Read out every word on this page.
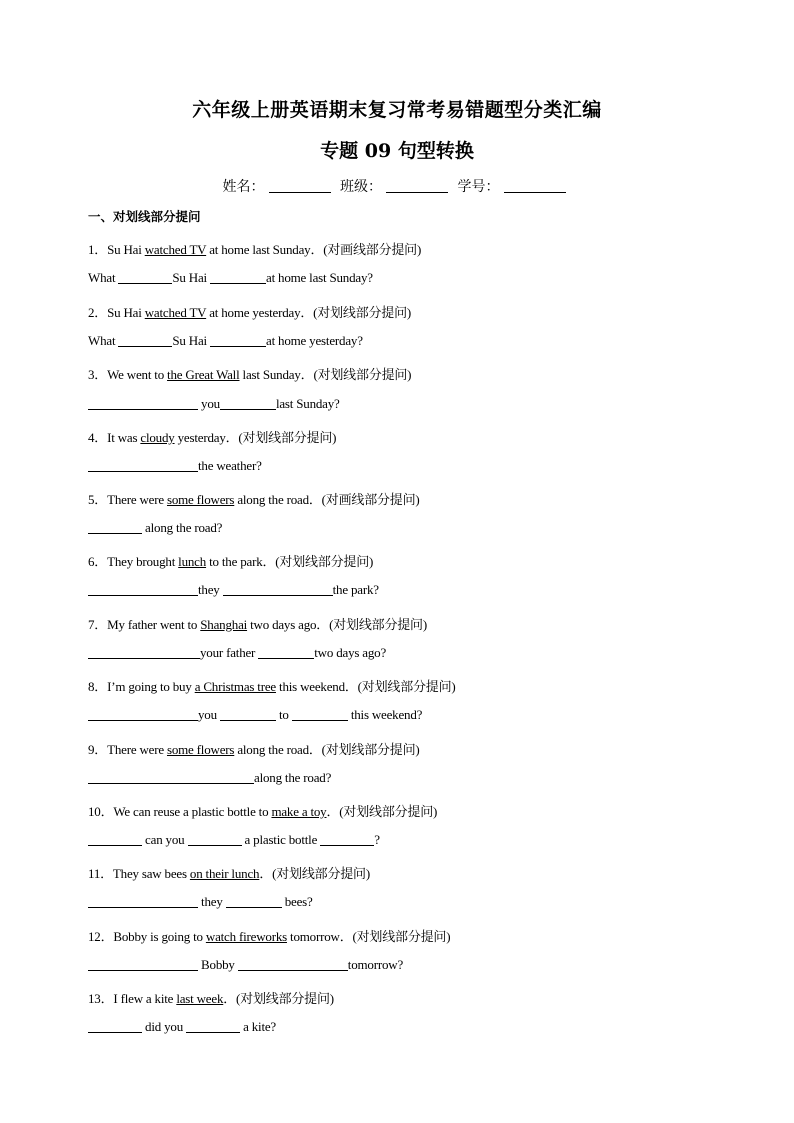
六年级上册英语期末复习常考易错题型分类汇编
专题 09 句型转换
姓名：	班级：	学号：
一、对划线部分提问
1．Su Hai watched TV at home last Sunday．(对画线部分提问)
What	Su Hai	at home last Sunday?
2．Su Hai watched TV at home yesterday．(对划线部分提问)
What	Su Hai	at home yesterday?
3．We went to the Great Wall last Sunday．(对划线部分提问)
you	last Sunday?
4．It was cloudy yesterday．(对划线部分提问)
the weather?
5．There were some flowers along the road．(对画线部分提问)
along the road?
6．They brought lunch to the park．(对划线部分提问)
they	the park?
7．My father went to Shanghai two days ago．(对划线部分提问)
your father	two days ago?
8．I’m going to buy a Christmas tree this weekend．(对划线部分提问)
you	to	this weekend?
9．There were some flowers along the road．(对划线部分提问)
along the road?
10．We can reuse a plastic bottle to make a toy．(对划线部分提问)
can you	a plastic bottle	?
11．They saw bees on their lunch．(对划线部分提问)
they	bees?
12．Bobby is going to watch fireworks tomorrow．(对划线部分提问)
Bobby	tomorrow?
13．I flew a kite last week．(对划线部分提问)
did you	a kite?
